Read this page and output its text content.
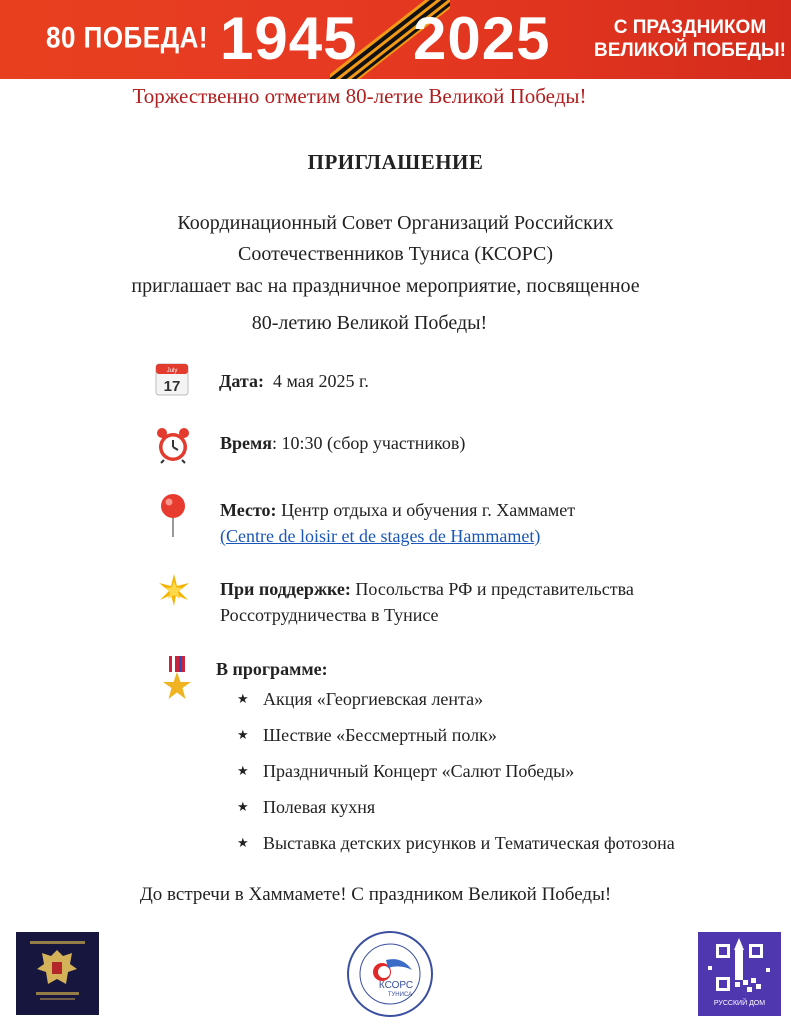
80 ПОБЕДА! 1945 2025	С ПРАЗДНИКОМ
ВЕЛИКОЙ ПОБЕДЫ!
Торжественно отметим 80-летие Великой Победы!
ПРИГЛАШЕНИЕ
Координационный Совет Организаций Российских
Соотечественников Туниса (КСОРС)
приглашает вас на праздничное мероприятие, посвященное
80-летию Великой Победы!
July
17 Дата: 4 мая 2025 г.
Время: 10:30 (сбор участников)
Место: Центр отдыха и обучения г. Хаммамет
(Centre de loisir et de stages de Hammamet)
При поддержке: Посольства РФ и представительства
Россотрудничества в Тунисе
В программе:
★ Акция «Георгиевская лента»
★ Шествие «Бессмертный полк»
★ Праздничный Концерт «Салют Победы»
★ Полевая кухня
★ Выставка детских рисунков и Тематическая фотозона
До встречи в Хаммамете! С праздником Великой Победы!
КСОРС
ТУНИСА
РУССКИЙ ДОМ
